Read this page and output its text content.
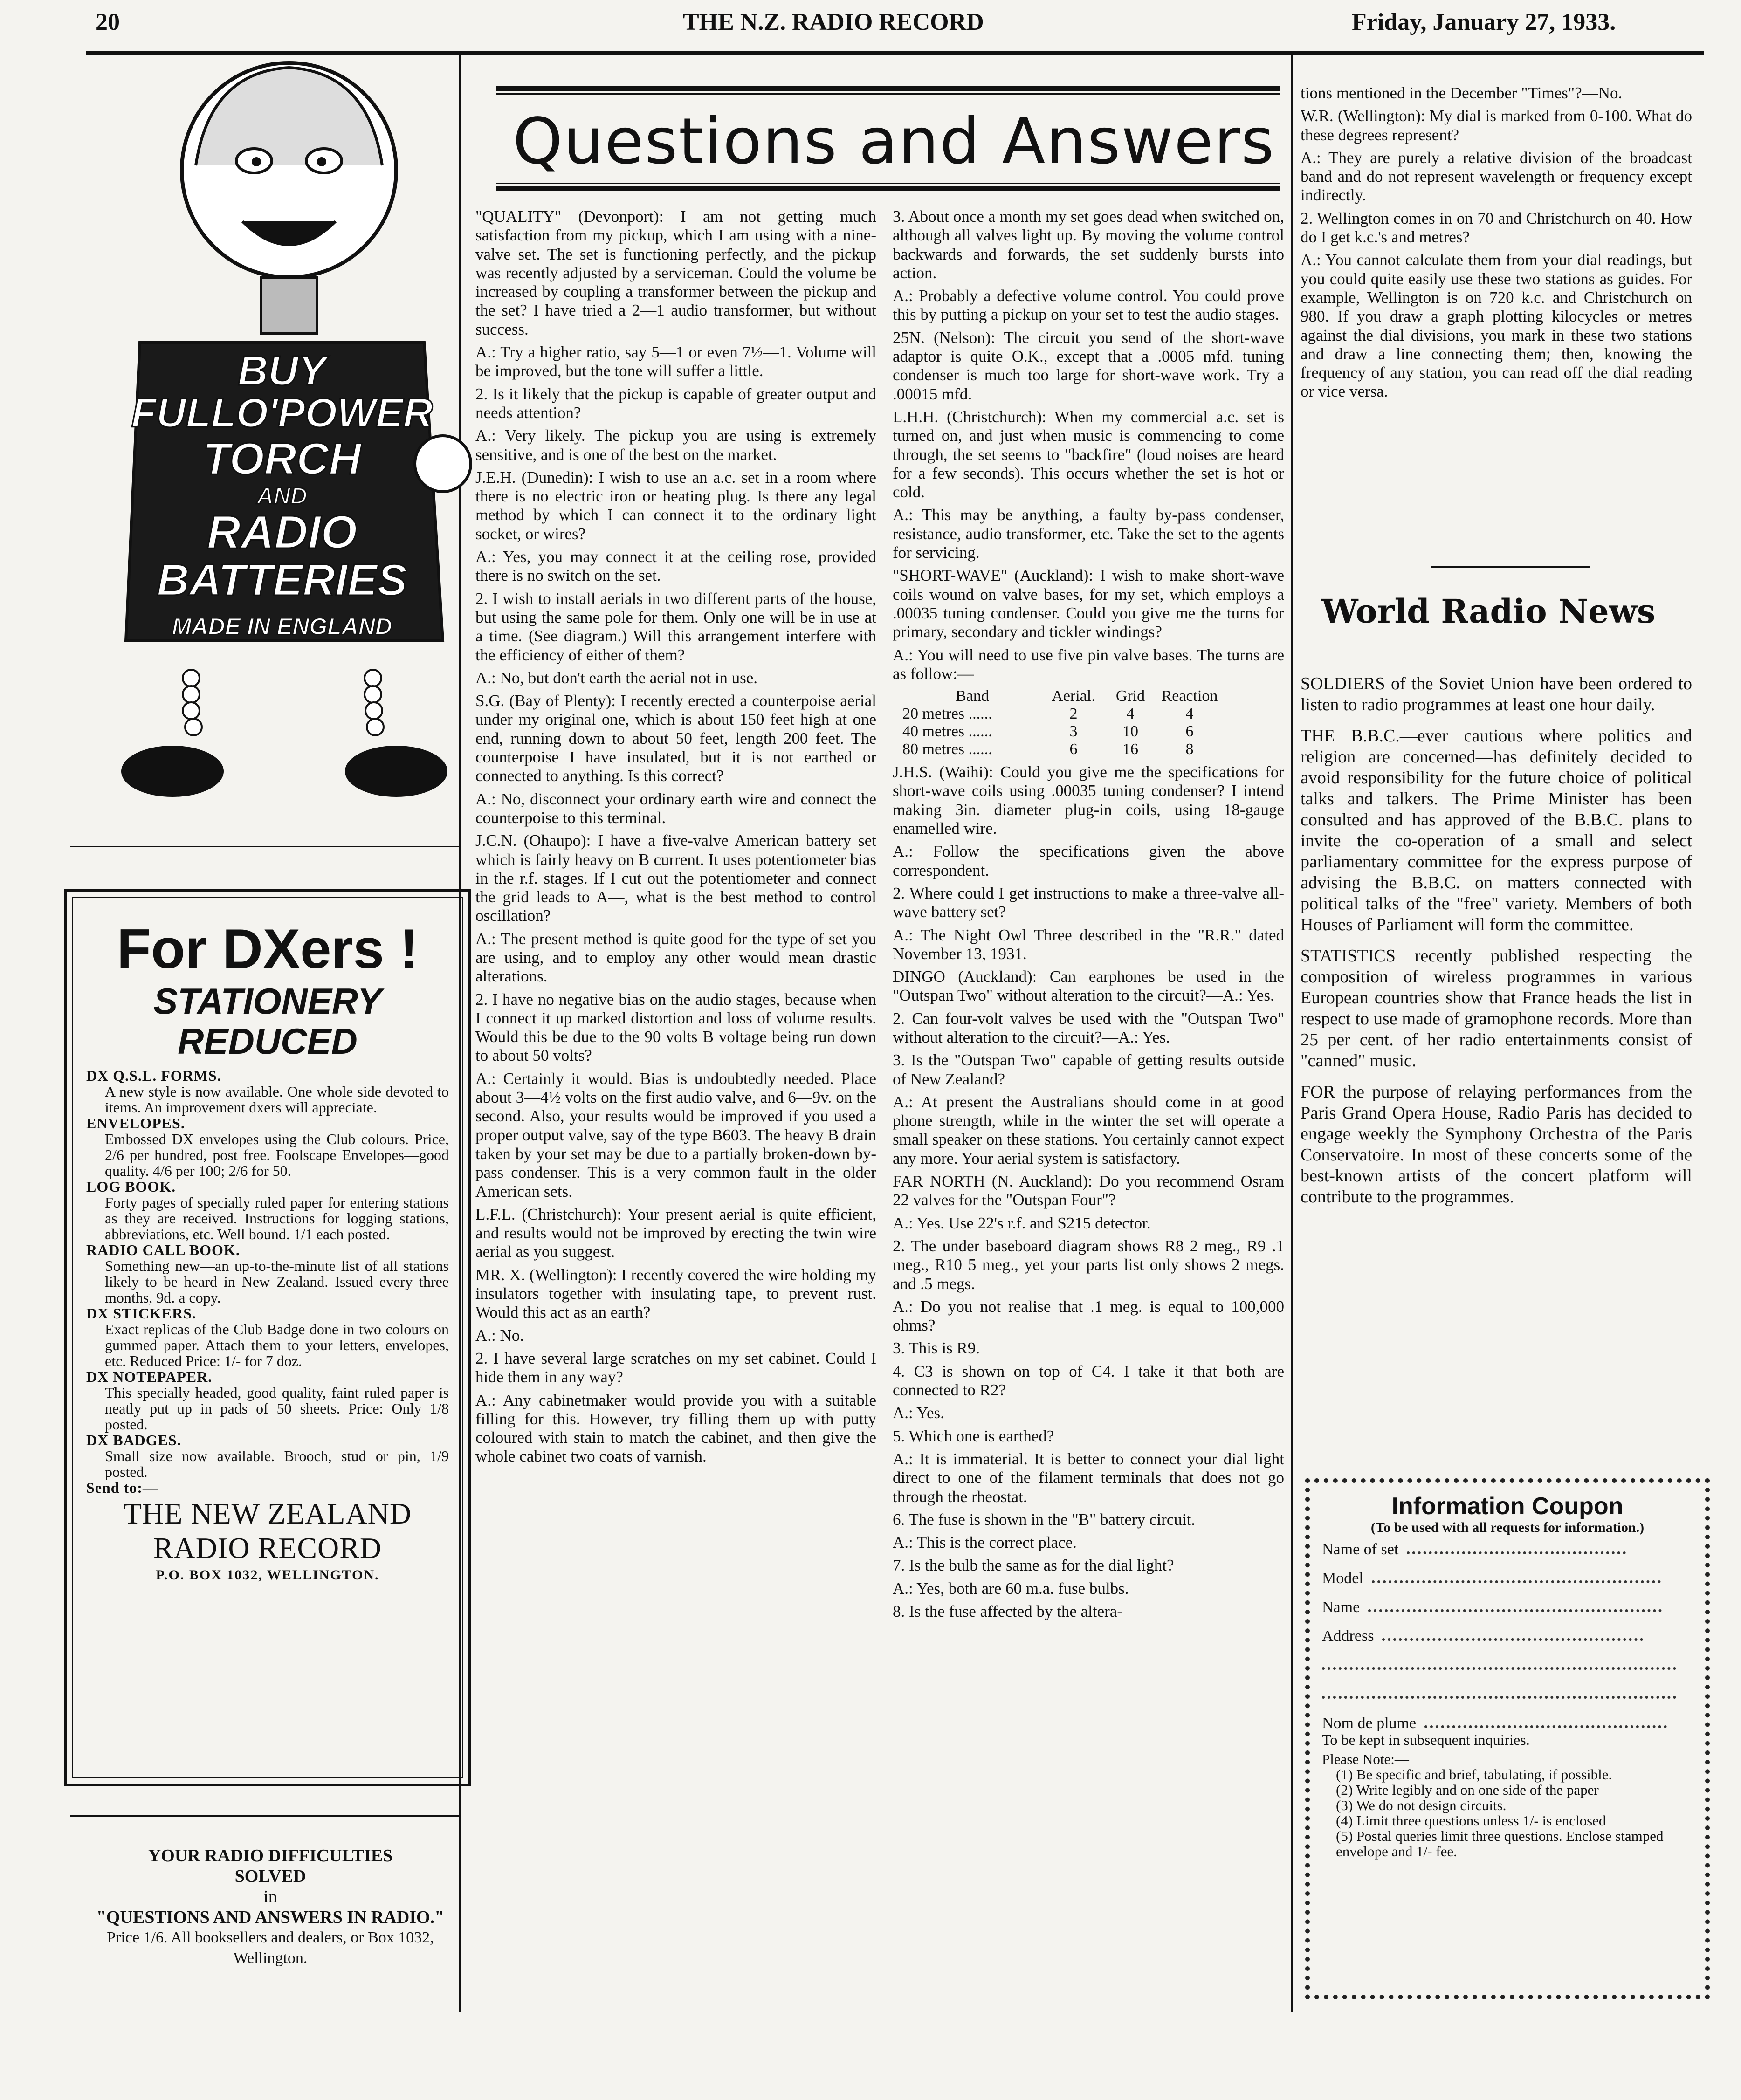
20	THE N.Z. RADIO RECORD	Friday, January 27, 1933.
BUY
FULLO'POWER
TORCH
AND
RADIO
BATTERIES
MADE IN ENGLAND
For DXers !
STATIONERY
REDUCED
DX Q.S.L. FORMS.
A new style is now available. One whole side devoted to items. An improvement dxers will appreciate.
ENVELOPES.
Embossed DX envelopes using the Club colours. Price, 2/6 per hundred, post free. Foolscape Envelopes—good quality. 4/6 per 100; 2/6 for 50.
LOG BOOK.
Forty pages of specially ruled paper for entering stations as they are received. Instructions for logging stations, abbreviations, etc. Well bound. 1/1 each posted.
RADIO CALL BOOK.
Something new—an up-to-the-minute list of all stations likely to be heard in New Zealand. Issued every three months, 9d. a copy.
DX STICKERS.
Exact replicas of the Club Badge done in two colours on gummed paper. Attach them to your letters, envelopes, etc. Reduced Price: 1/- for 7 doz.
DX NOTEPAPER.
This specially headed, good quality, faint ruled paper is neatly put up in pads of 50 sheets. Price: Only 1/8 posted.
DX BADGES.
Small size now available. Brooch, stud or pin, 1/9 posted.
Send to:—
THE NEW ZEALAND
RADIO RECORD
P.O. BOX 1032, WELLINGTON.
YOUR RADIO DIFFICULTIES
SOLVED
in
"QUESTIONS AND ANSWERS IN RADIO."
Price 1/6. All booksellers and dealers, or Box 1032, Wellington.
Questions and Answers

"QUALITY" (Devonport): I am not getting much satisfaction from my pickup, which I am using with a nine-valve set. The set is functioning perfectly, and the pickup was recently adjusted by a serviceman. Could the volume be increased by coupling a transformer between the pickup and the set? I have tried a 2—1 audio transformer, but without success.

A.: Try a higher ratio, say 5—1 or even 7½—1. Volume will be improved, but the tone will suffer a little.

2. Is it likely that the pickup is capable of greater output and needs attention?

A.: Very likely. The pickup you are using is extremely sensitive, and is one of the best on the market.

J.E.H. (Dunedin): I wish to use an a.c. set in a room where there is no electric iron or heating plug. Is there any legal method by which I can connect it to the ordinary light socket, or wires?

A.: Yes, you may connect it at the ceiling rose, provided there is no switch on the set.

2. I wish to install aerials in two different parts of the house, but using the same pole for them. Only one will be in use at a time. (See diagram.) Will this arrangement interfere with the efficiency of either of them?

A.: No, but don't earth the aerial not in use.

S.G. (Bay of Plenty): I recently erected a counterpoise aerial under my original one, which is about 150 feet high at one end, running down to about 50 feet, length 200 feet. The counterpoise I have insulated, but it is not earthed or connected to anything. Is this correct?

A.: No, disconnect your ordinary earth wire and connect the counterpoise to this terminal.

J.C.N. (Ohaupo): I have a five-valve American battery set which is fairly heavy on B current. It uses potentiometer bias in the r.f. stages. If I cut out the potentiometer and connect the grid leads to A—, what is the best method to control oscillation?

A.: The present method is quite good for the type of set you are using, and to employ any other would mean drastic alterations.

2. I have no negative bias on the audio stages, because when I connect it up marked distortion and loss of volume results. Would this be due to the 90 volts B voltage being run down to about 50 volts?

A.: Certainly it would. Bias is undoubtedly needed. Place about 3—4½ volts on the first audio valve, and 6—9v. on the second. Also, your results would be improved if you used a proper output valve, say of the type B603. The heavy B drain taken by your set may be due to a partially broken-down by-pass condenser. This is a very common fault in the older American sets.

L.F.L. (Christchurch): Your present aerial is quite efficient, and results would not be improved by erecting the twin wire aerial as you suggest.

MR. X. (Wellington): I recently covered the wire holding my insulators together with insulating tape, to prevent rust. Would this act as an earth?

A.: No.

2. I have several large scratches on my set cabinet. Could I hide them in any way?

A.: Any cabinetmaker would provide you with a suitable filling for this. However, try filling them up with putty coloured with stain to match the cabinet, and then give the whole cabinet two coats of varnish.

3. About once a month my set goes dead when switched on, although all valves light up. By moving the volume control backwards and forwards, the set suddenly bursts into action.

A.: Probably a defective volume control. You could prove this by putting a pickup on your set to test the audio stages.

25N. (Nelson): The circuit you send of the short-wave adaptor is quite O.K., except that a .0005 mfd. tuning condenser is much too large for short-wave work. Try a .00015 mfd.

L.H.H. (Christchurch): When my commercial a.c. set is turned on, and just when music is commencing to come through, the set seems to "backfire" (loud noises are heard for a few seconds). This occurs whether the set is hot or cold.

A.: This may be anything, a faulty by-pass condenser, resistance, audio transformer, etc. Take the set to the agents for servicing.

"SHORT-WAVE" (Auckland): I wish to make short-wave coils wound on valve bases, for my set, which employs a .00035 tuning condenser. Could you give me the turns for primary, secondary and tickler windings?

A.: You will need to use five pin valve bases. The turns are as follow:—

Band	Aerial.	Grid	Reaction
20 metres ......	2	4	4
40 metres ......	3	10	6
80 metres ......	6	16	8

J.H.S. (Waihi): Could you give me the specifications for short-wave coils using .00035 tuning condenser? I intend making 3in. diameter plug-in coils, using 18-gauge enamelled wire.

A.: Follow the specifications given the above correspondent.

2. Where could I get instructions to make a three-valve all-wave battery set?

A.: The Night Owl Three described in the "R.R." dated November 13, 1931.

DINGO (Auckland): Can earphones be used in the "Outspan Two" without alteration to the circuit?—A.: Yes.

2. Can four-volt valves be used with the "Outspan Two" without alteration to the circuit?—A.: Yes.

3. Is the "Outspan Two" capable of getting results outside of New Zealand?

A.: At present the Australians should come in at good phone strength, while in the winter the set will operate a small speaker on these stations. You certainly cannot expect any more. Your aerial system is satisfactory.

FAR NORTH (N. Auckland): Do you recommend Osram 22 valves for the "Outspan Four"?

A.: Yes. Use 22's r.f. and S215 detector.

2. The under baseboard diagram shows R8 2 meg., R9 .1 meg., R10 5 meg., yet your parts list only shows 2 megs. and .5 megs.

A.: Do you not realise that .1 meg. is equal to 100,000 ohms?

3. This is R9.

4. C3 is shown on top of C4. I take it that both are connected to R2?

A.: Yes.

5. Which one is earthed?

A.: It is immaterial. It is better to connect your dial light direct to one of the filament terminals that does not go through the rheostat.

6. The fuse is shown in the "B" battery circuit.

A.: This is the correct place.

7. Is the bulb the same as for the dial light?

A.: Yes, both are 60 m.a. fuse bulbs.

8. Is the fuse affected by the altera-

tions mentioned in the December "Times"?—No.

W.R. (Wellington): My dial is marked from 0-100. What do these degrees represent?

A.: They are purely a relative division of the broadcast band and do not represent wavelength or frequency except indirectly.

2. Wellington comes in on 70 and Christchurch on 40. How do I get k.c.'s and metres?

A.: You cannot calculate them from your dial readings, but you could quite easily use these two stations as guides. For example, Wellington is on 720 k.c. and Christchurch on 980. If you draw a graph plotting kilocycles or metres against the dial divisions, you mark in these two stations and draw a line connecting them; then, knowing the frequency of any station, you can read off the dial reading or vice versa.

World Radio News

SOLDIERS of the Soviet Union have been ordered to listen to radio programmes at least one hour daily.

THE B.B.C.—ever cautious where politics and religion are concerned—has definitely decided to avoid responsibility for the future choice of political talks and talkers. The Prime Minister has been consulted and has approved of the B.B.C. plans to invite the co-operation of a small and select parliamentary committee for the express purpose of advising the B.B.C. on matters connected with political talks of the "free" variety. Members of both Houses of Parliament will form the committee.

STATISTICS recently published respecting the composition of wireless programmes in various European countries show that France heads the list in respect to use made of gramophone records. More than 25 per cent. of her radio entertainments consist of "canned" music.

FOR the purpose of relaying performances from the Paris Grand Opera House, Radio Paris has decided to engage weekly the Symphony Orchestra of the Paris Conservatoire. In most of these concerts some of the best-known artists of the concert platform will contribute to the programmes.

Information Coupon
(To be used with all requests for information.)
Name of set
Model
Name
Address
Nom de plume
To be kept in subsequent inquiries.
Please Note:—
(1) Be specific and brief, tabulating, if possible.
(2) Write legibly and on one side of the paper
(3) We do not design circuits.
(4) Limit three questions unless 1/- is enclosed
(5) Postal queries limit three questions. Enclose stamped envelope and 1/- fee.
